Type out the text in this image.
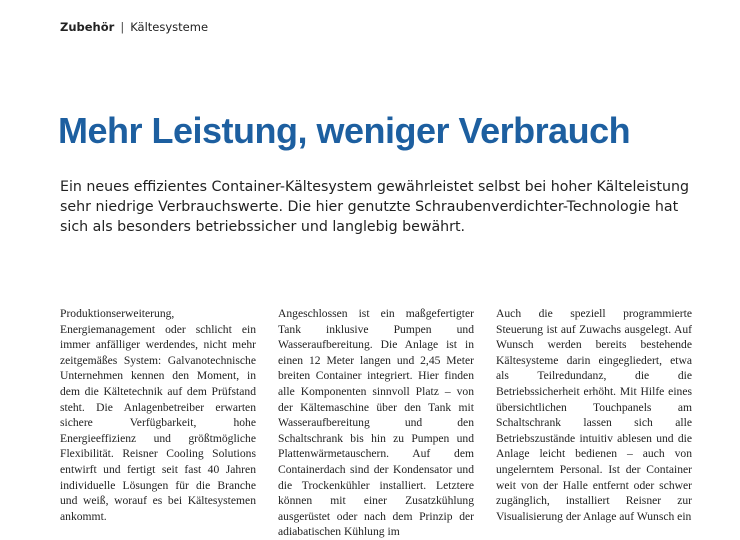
Zubehör | Kältesysteme
Mehr Leistung, weniger Verbrauch

Ein neues effizientes Container-Kältesystem gewährleistet selbst bei hoher Kälteleistung sehr niedrige Verbrauchswerte. Die hier genutzte Schraubenverdichter-Technologie hat sich als besonders betriebssicher und langlebig bewährt.

Produktionserweiterung, Energiemanagement oder schlicht ein immer anfälliger werdendes, nicht mehr zeitgemäßes System: Galvanotechnische Unternehmen kennen den Moment, in dem die Kältetechnik auf dem Prüfstand steht. Die Anlagenbetreiber erwarten sichere Verfügbarkeit, hohe Energieeffizienz und größtmögliche Flexibilität. Reisner Cooling Solutions entwirft und fertigt seit fast 40 Jahren individuelle Lösungen für die Branche und weiß, worauf es bei Kältesystemen ankommt.

Angeschlossen ist ein maßgefertigter Tank inklusive Pumpen und Wasseraufbereitung. Die Anlage ist in einen 12 Meter langen und 2,45 Meter breiten Container integriert. Hier finden alle Komponenten sinnvoll Platz – von der Kältemaschine über den Tank mit Wasseraufbereitung und den Schaltschrank bis hin zu Pumpen und Plattenwärmetauschern. Auf dem Containerdach sind der Kondensator und die Trockenkühler installiert. Letztere können mit einer Zusatzkühlung ausgerüstet oder nach dem Prinzip der adiabatischen Kühlung im

Auch die speziell programmierte Steuerung ist auf Zuwachs ausgelegt. Auf Wunsch werden bereits bestehende Kältesysteme darin eingegliedert, etwa als Teilredundanz, die die Betriebssicherheit erhöht. Mit Hilfe eines übersichtlichen Touchpanels am Schaltschrank lassen sich alle Betriebszustände intuitiv ablesen und die Anlage leicht bedienen – auch von ungelerntem Personal. Ist der Container weit von der Halle entfernt oder schwer zugänglich, installiert Reisner zur Visualisierung der Anlage auf Wunsch ein
